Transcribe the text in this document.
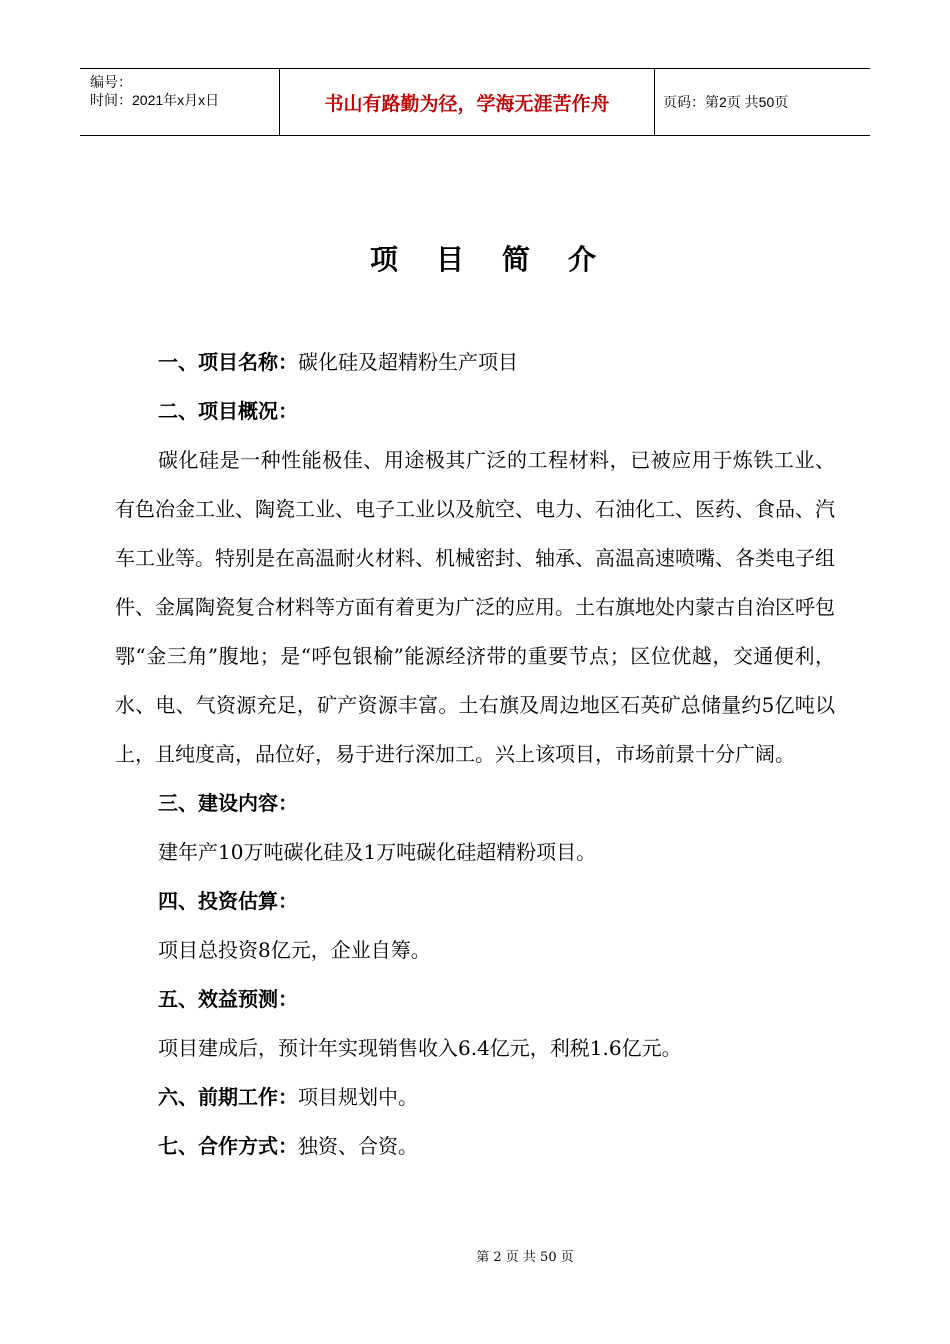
编号：
时间：2021年x月x日	书山有路勤为径，学海无涯苦作舟	页码：第2页 共50页
项目简介
一、项目名称：碳化硅及超精粉生产项目
二、项目概况：
碳化硅是一种性能极佳、用途极其广泛的工程材料，已被应用于炼铁工业、有色冶金工业、陶瓷工业、电子工业以及航空、电力、石油化工、医药、食品、汽车工业等。特别是在高温耐火材料、机械密封、轴承、高温高速喷嘴、各类电子组件、金属陶瓷复合材料等方面有着更为广泛的应用。土右旗地处内蒙古自治区呼包鄂“金三角”腹地；是“呼包银榆”能源经济带的重要节点；区位优越，交通便利，水、电、气资源充足，矿产资源丰富。土右旗及周边地区石英矿总储量约5亿吨以上，且纯度高，品位好，易于进行深加工。兴上该项目，市场前景十分广阔。
三、建设内容：
建年产10万吨碳化硅及1万吨碳化硅超精粉项目。
四、投资估算：
项目总投资8亿元，企业自筹。
五、效益预测：
项目建成后，预计年实现销售收入6.4亿元，利税1.6亿元。
六、前期工作：项目规划中。
七、合作方式：独资、合资。
第 2 页 共 50 页
